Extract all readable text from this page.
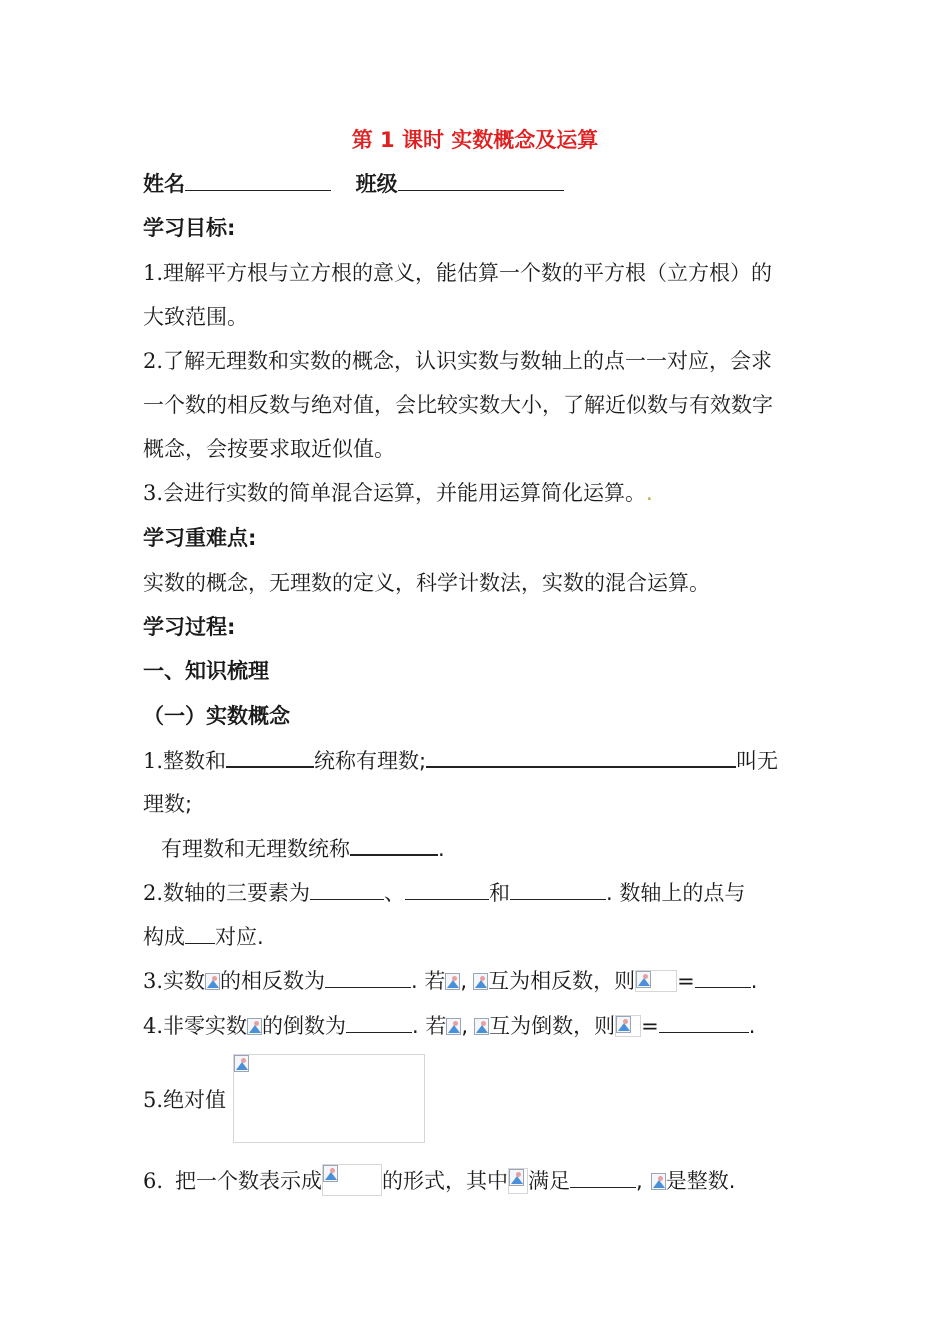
第 1 课时 实数概念及运算
姓名	班级
学习目标:
1.理解平方根与立方根的意义，能估算一个数的平方根（立方根）的
大致范围。
2.了解无理数和实数的概念，认识实数与数轴上的点一一对应，会求
一个数的相反数与绝对值，会比较实数大小，了解近似数与有效数字
概念，会按要求取近似值。
3.会进行实数的简单混合运算，并能用运算简化运算。.
学习重难点:
实数的概念，无理数的定义，科学计数法，实数的混合运算。
学习过程:
一、知识梳理
（一）实数概念
1.整数和	统称有理数;	叫无
理数;
有理数和无理数统称	.
2.数轴的三要素为	、	和	. 数轴上的点与
构成 对应.
3.实数 的相反数为	. 若 , 互为相反数，则 =	.
4.非零实数 的倒数为	. 若 , 互为倒数，则 =	.
5.绝对值
6. 把一个数表示成	的形式，其中 满足	, 是整数.
